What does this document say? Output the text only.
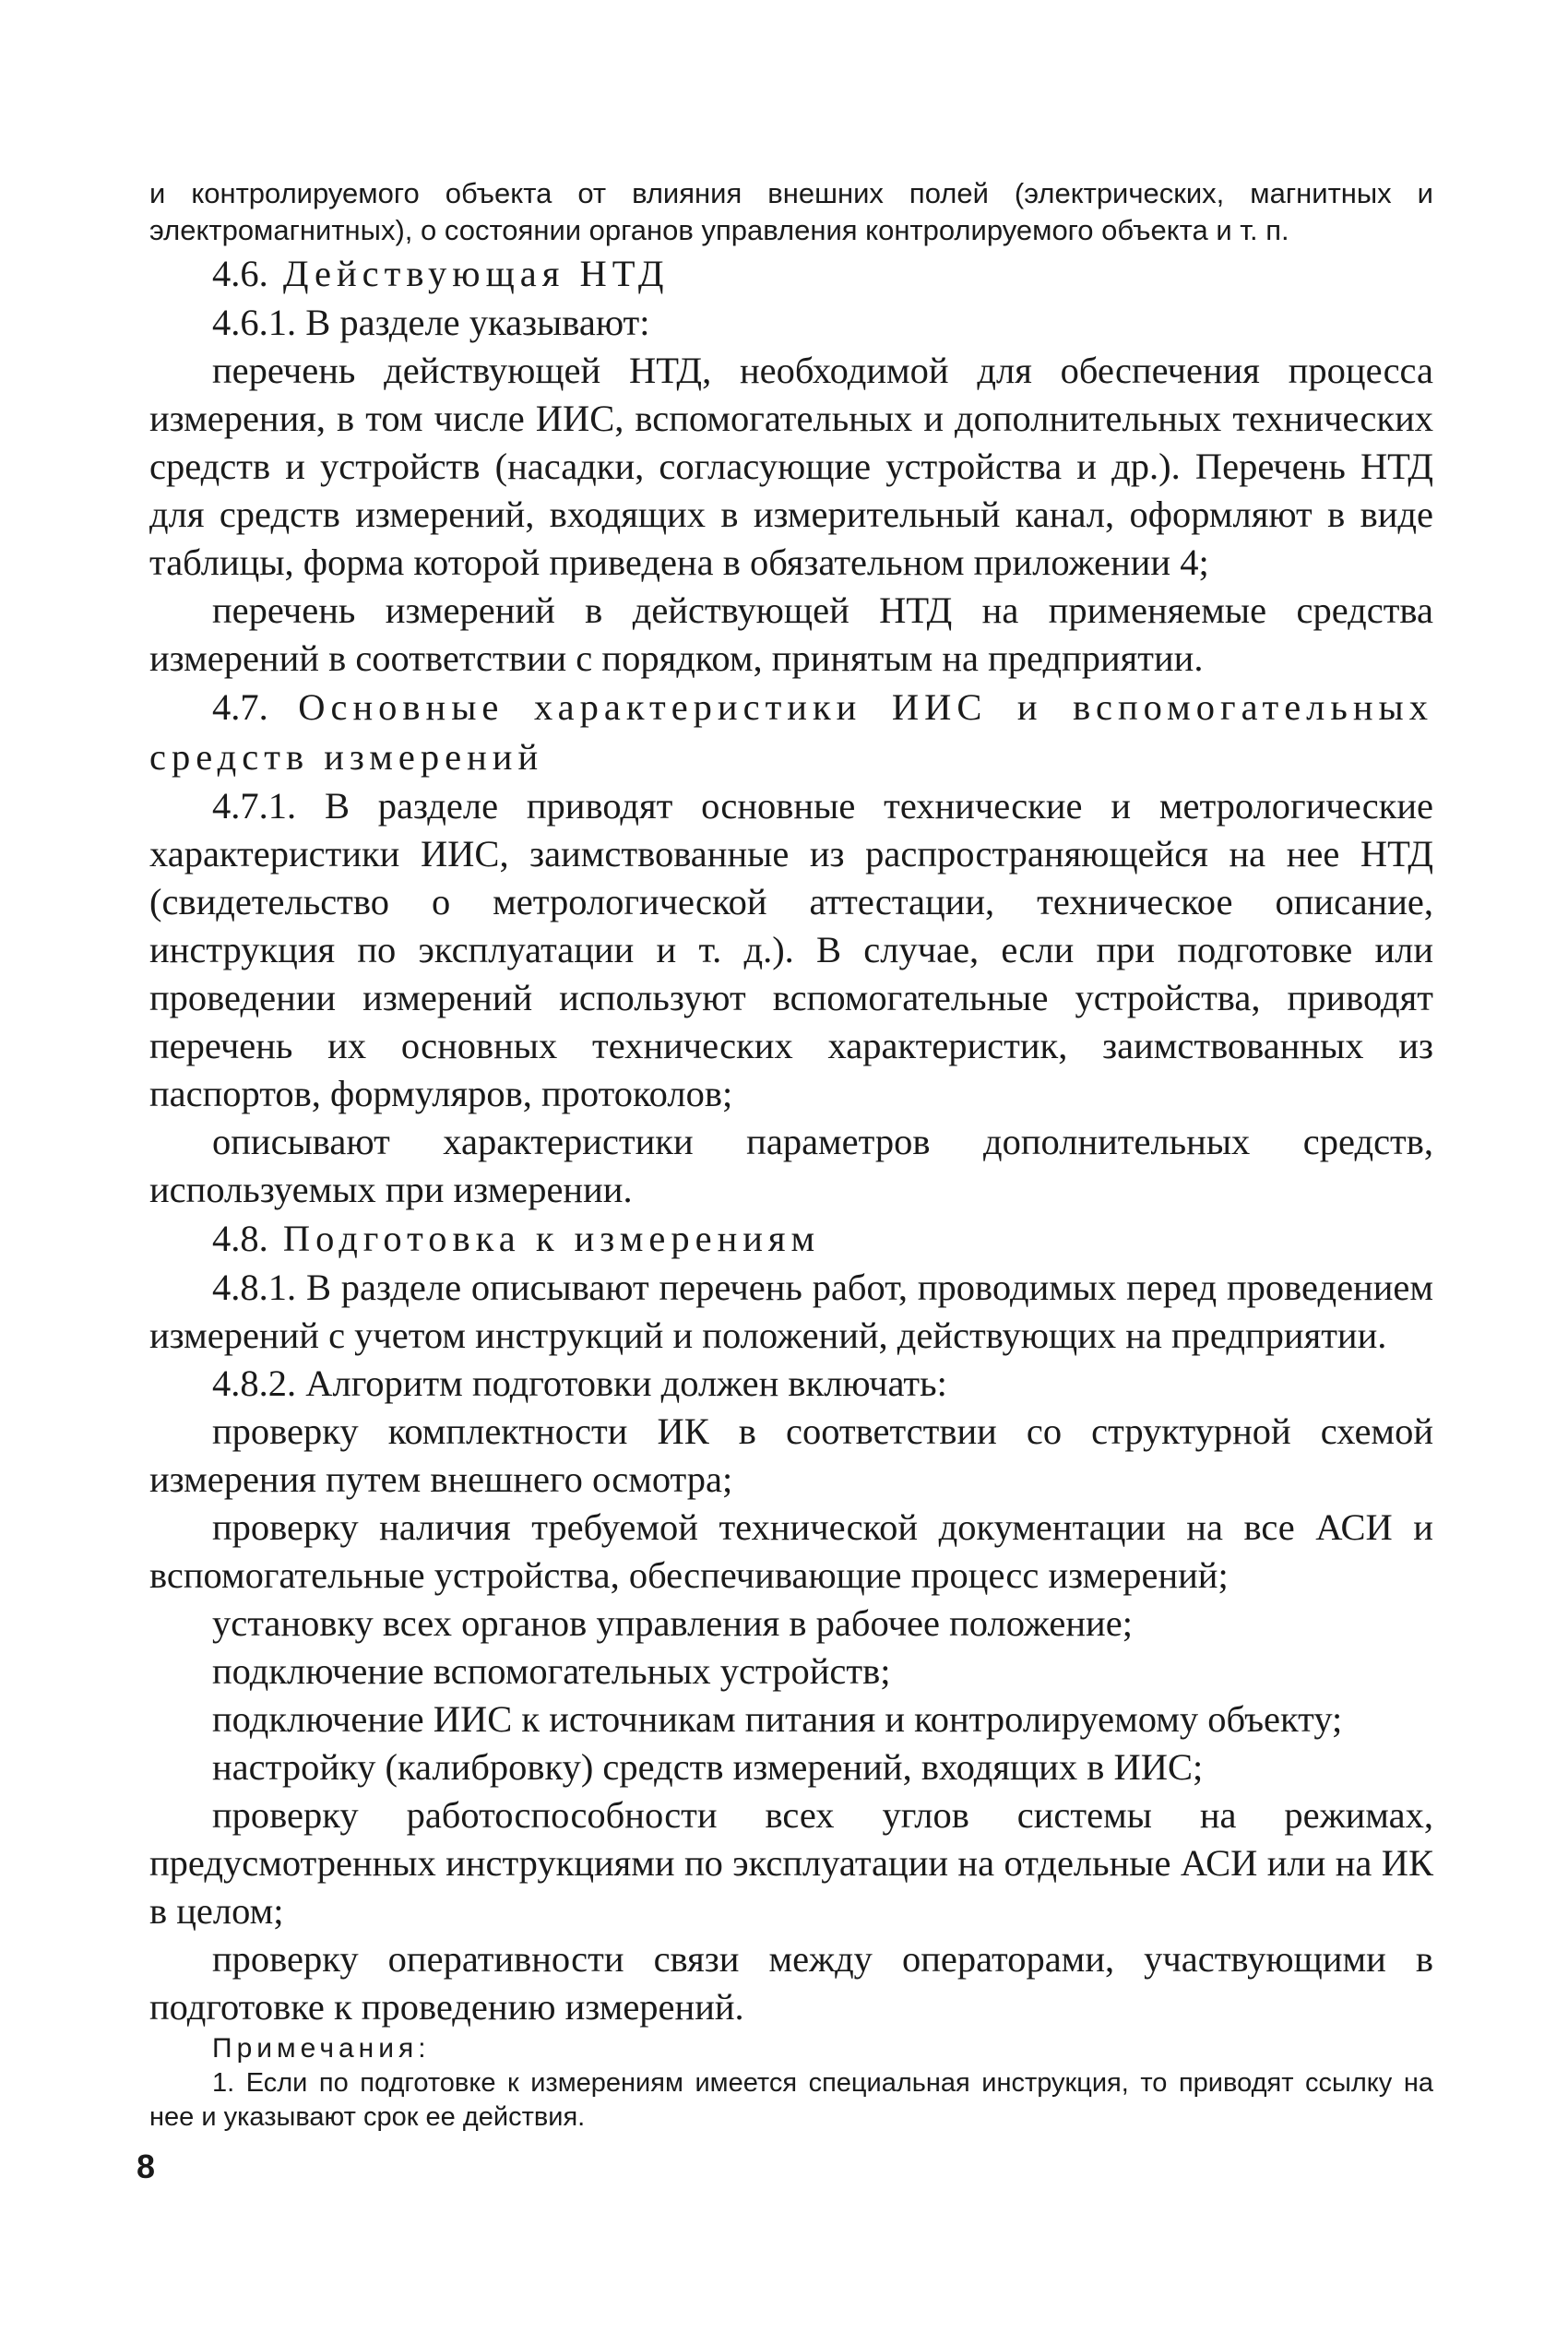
и контролируемого объекта от влияния внешних полей (электрических, магнитных и электромагнитных), о состоянии органов управления контролируемого объекта и т. п.

4.6. Действующая НТД

4.6.1. В разделе указывают:

перечень действующей НТД, необходимой для обеспечения процесса измерения, в том числе ИИС, вспомогательных и дополнительных технических средств и устройств (насадки, согласующие устройства и др.). Перечень НТД для средств измерений, входящих в измерительный канал, оформляют в виде таблицы, форма которой приведена в обязательном приложении 4;

перечень измерений в действующей НТД на применяемые средства измерений в соответствии с порядком, принятым на предприятии.

4.7. Основные характеристики ИИС и вспомогательных средств измерений

4.7.1. В разделе приводят основные технические и метрологические характеристики ИИС, заимствованные из распространяющейся на нее НТД (свидетельство о метрологической аттестации, техническое описание, инструкция по эксплуатации и т. д.). В случае, если при подготовке или проведении измерений используют вспомогательные устройства, приводят перечень их основных технических характеристик, заимствованных из паспортов, формуляров, протоколов;

описывают характеристики параметров дополнительных средств, используемых при измерении.

4.8. Подготовка к измерениям

4.8.1. В разделе описывают перечень работ, проводимых перед проведением измерений с учетом инструкций и положений, действующих на предприятии.

4.8.2. Алгоритм подготовки должен включать:

проверку комплектности ИК в соответствии со структурной схемой измерения путем внешнего осмотра;

проверку наличия требуемой технической документации на все АСИ и вспомогательные устройства, обеспечивающие процесс измерений;

установку всех органов управления в рабочее положение;

подключение вспомогательных устройств;

подключение ИИС к источникам питания и контролируемому объекту;

настройку (калибровку) средств измерений, входящих в ИИС;

проверку работоспособности всех углов системы на режимах, предусмотренных инструкциями по эксплуатации на отдельные АСИ или на ИК в целом;

проверку оперативности связи между операторами, участвующими в подготовке к проведению измерений.

Примечания:

1. Если по подготовке к измерениям имеется специальная инструкция, то приводят ссылку на нее и указывают срок ее действия.

8
